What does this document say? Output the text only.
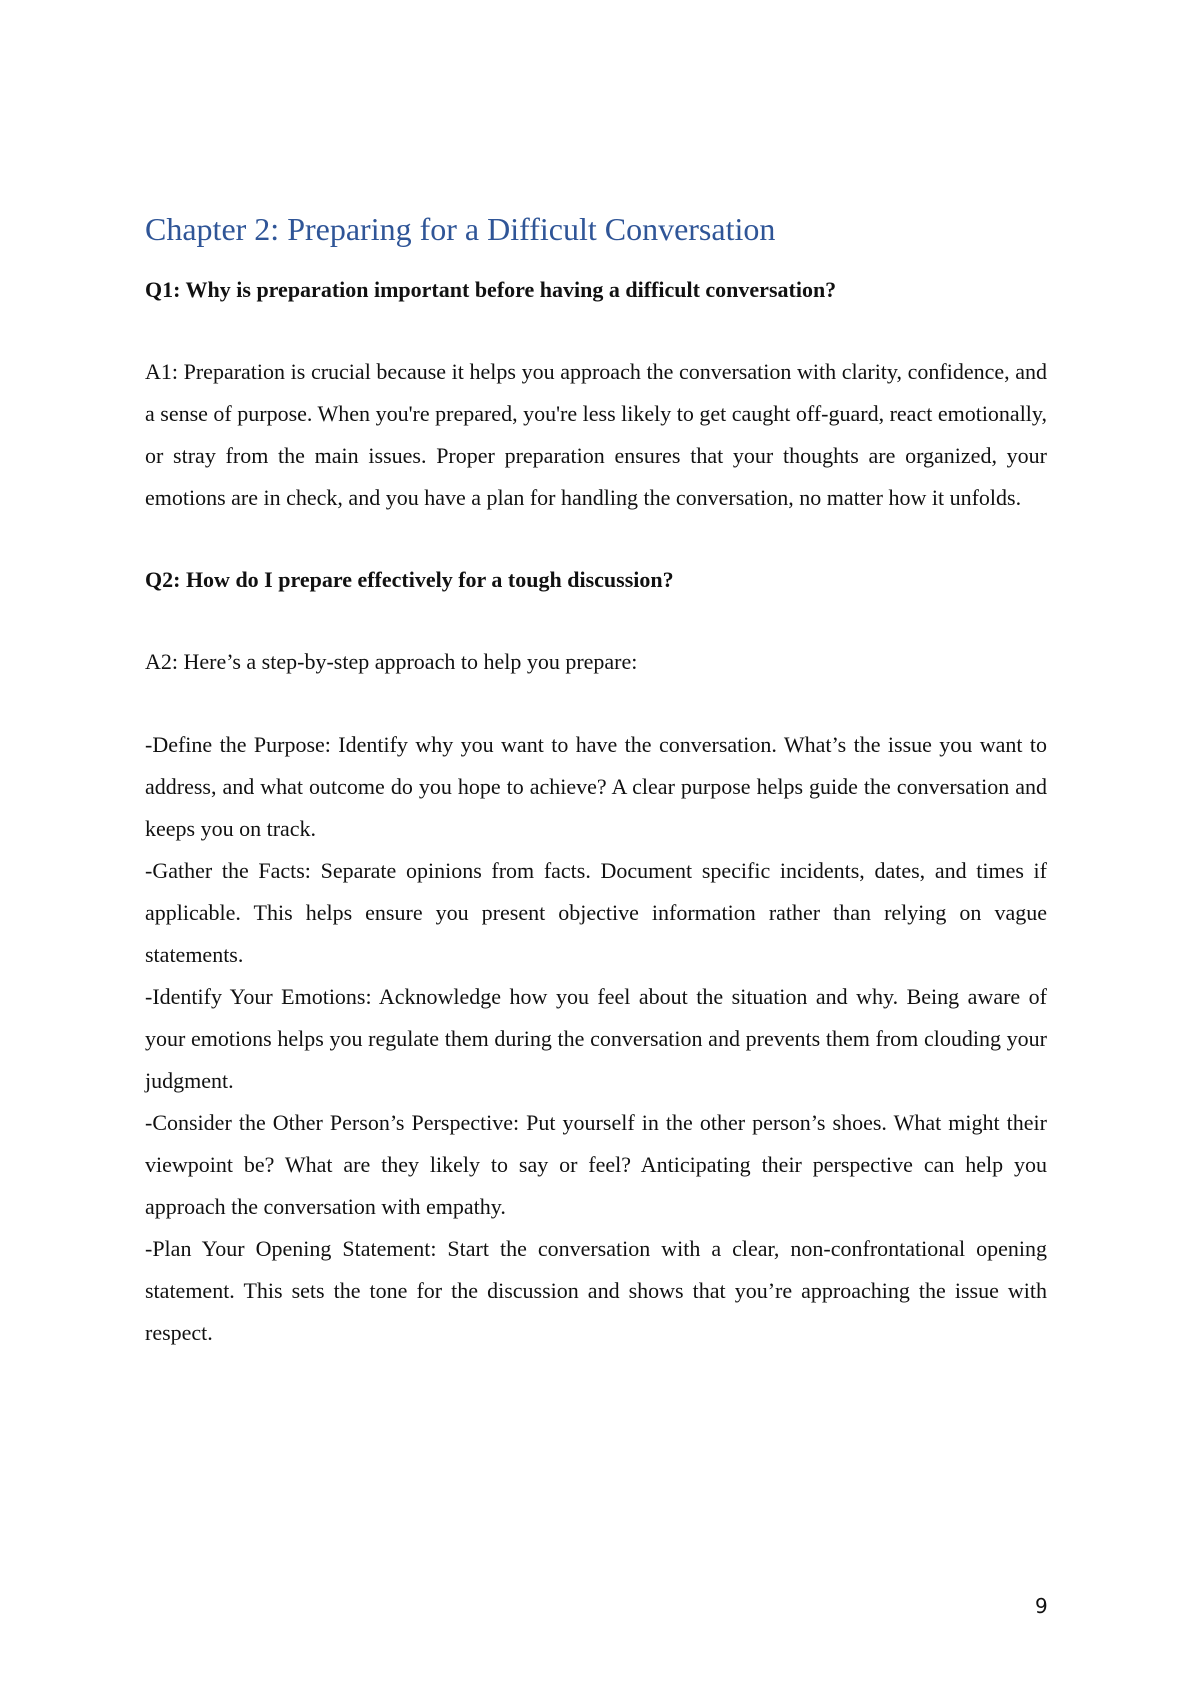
Chapter 2: Preparing for a Difficult Conversation

Q1: Why is preparation important before having a difficult conversation?

A1: Preparation is crucial because it helps you approach the conversation with clarity, confidence, and a sense of purpose. When you're prepared, you're less likely to get caught off-guard, react emotionally, or stray from the main issues. Proper preparation ensures that your thoughts are organized, your emotions are in check, and you have a plan for handling the conversation, no matter how it unfolds.

Q2: How do I prepare effectively for a tough discussion?

A2: Here’s a step-by-step approach to help you prepare:

-Define the Purpose: Identify why you want to have the conversation. What’s the issue you want to address, and what outcome do you hope to achieve? A clear purpose helps guide the conversation and keeps you on track.

-Gather the Facts: Separate opinions from facts. Document specific incidents, dates, and times if applicable. This helps ensure you present objective information rather than relying on vague statements.

-Identify Your Emotions: Acknowledge how you feel about the situation and why. Being aware of your emotions helps you regulate them during the conversation and prevents them from clouding your judgment.

-Consider the Other Person’s Perspective: Put yourself in the other person’s shoes. What might their viewpoint be? What are they likely to say or feel? Anticipating their perspective can help you approach the conversation with empathy.

-Plan Your Opening Statement: Start the conversation with a clear, non-confrontational opening statement. This sets the tone for the discussion and shows that you’re approaching the issue with respect.

9
